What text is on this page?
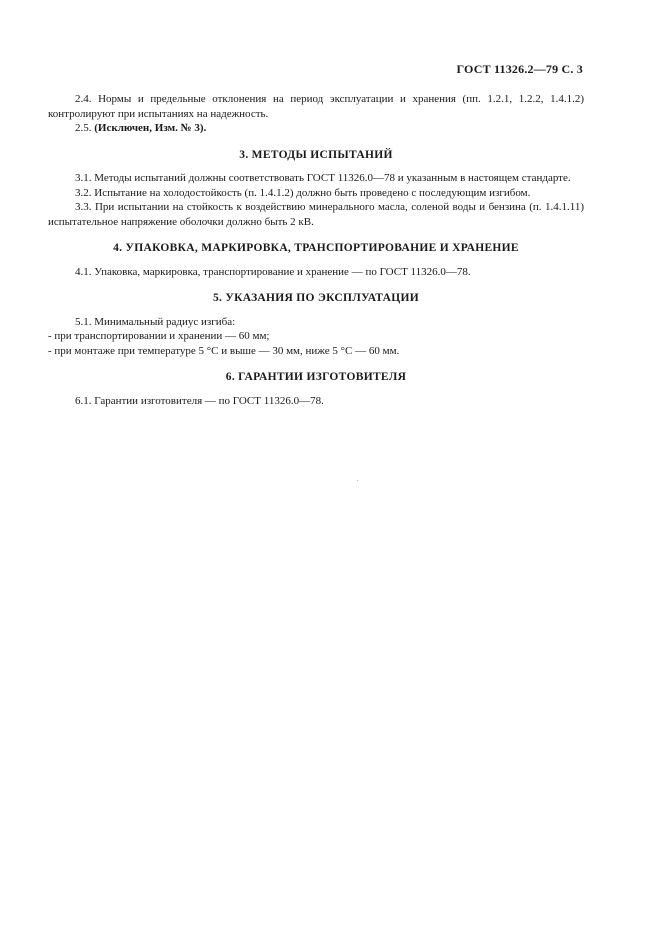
ГОСТ 11326.2—79 С. 3

2.4. Нормы и предельные отклонения на период эксплуатации и хранения (пп. 1.2.1, 1.2.2, 1.4.1.2) контролируют при испытаниях на надежность.

2.5. (Исключен, Изм. № 3).

3. МЕТОДЫ ИСПЫТАНИЙ

3.1. Методы испытаний должны соответствовать ГОСТ 11326.0—78 и указанным в настоящем стандарте.

3.2. Испытание на холодостойкость (п. 1.4.1.2) должно быть проведено с последующим изгибом.

3.3. При испытании на стойкость к воздействию минерального масла, соленой воды и бензина (п. 1.4.1.11) испытательное напряжение оболочки должно быть 2 кВ.

4. УПАКОВКА, МАРКИРОВКА, ТРАНСПОРТИРОВАНИЕ И ХРАНЕНИЕ

4.1. Упаковка, маркировка, транспортирование и хранение — по ГОСТ 11326.0—78.

5. УКАЗАНИЯ ПО ЭКСПЛУАТАЦИИ

5.1. Минимальный радиус изгиба:

- при транспортировании и хранении — 60 мм;

- при монтаже при температуре 5 °С и выше — 30 мм, ниже 5 °С — 60 мм.

6. ГАРАНТИИ ИЗГОТОВИТЕЛЯ

6.1. Гарантии изготовителя — по ГОСТ 11326.0—78.
